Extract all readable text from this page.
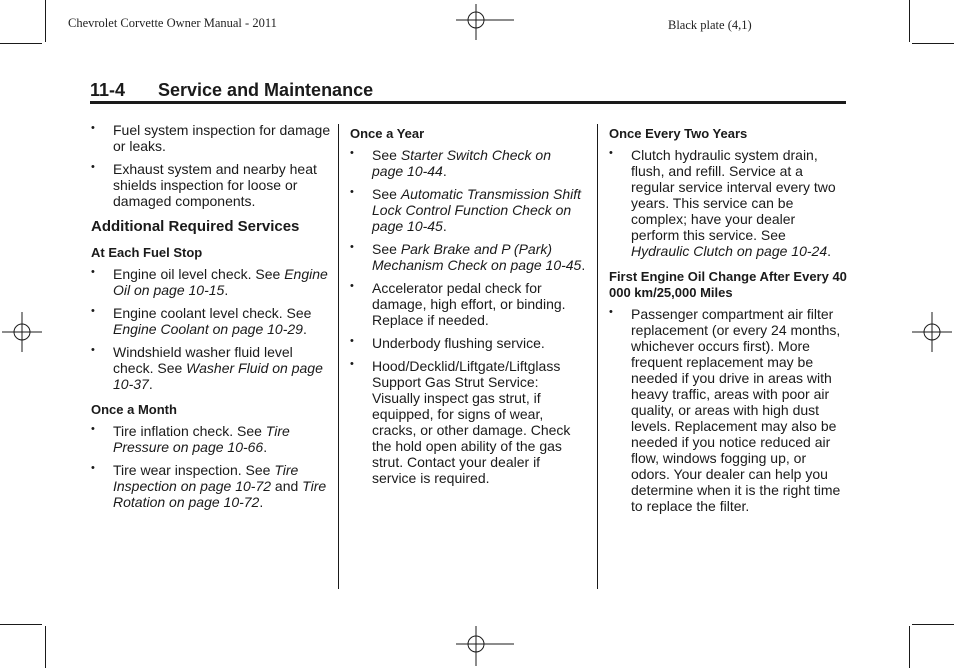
Chevrolet Corvette Owner Manual - 2011	Black plate (4,1)
11-4 Service and Maintenance
• Fuel system inspection for damage or leaks.
• Exhaust system and nearby heat shields inspection for loose or damaged components.
Additional Required Services
At Each Fuel Stop
• Engine oil level check. See Engine Oil on page 10-15.
• Engine coolant level check. See Engine Coolant on page 10-29.
• Windshield washer fluid level check. See Washer Fluid on page 10-37.
Once a Month
• Tire inflation check. See Tire Pressure on page 10-66.
• Tire wear inspection. See Tire Inspection on page 10-72 and Tire Rotation on page 10-72.
Once a Year
• See Starter Switch Check on page 10-44.
• See Automatic Transmission Shift Lock Control Function Check on page 10-45.
• See Park Brake and P (Park) Mechanism Check on page 10-45.
• Accelerator pedal check for damage, high effort, or binding. Replace if needed.
• Underbody flushing service.
• Hood/Decklid/Liftgate/Liftglass Support Gas Strut Service: Visually inspect gas strut, if equipped, for signs of wear, cracks, or other damage. Check the hold open ability of the gas strut. Contact your dealer if service is required.
Once Every Two Years
• Clutch hydraulic system drain, flush, and refill. Service at a regular service interval every two years. This service can be complex; have your dealer perform this service. See Hydraulic Clutch on page 10-24.
First Engine Oil Change After Every 40 000 km/25,000 Miles
• Passenger compartment air filter replacement (or every 24 months, whichever occurs first). More frequent replacement may be needed if you drive in areas with heavy traffic, areas with poor air quality, or areas with high dust levels. Replacement may also be needed if you notice reduced air flow, windows fogging up, or odors. Your dealer can help you determine when it is the right time to replace the filter.
